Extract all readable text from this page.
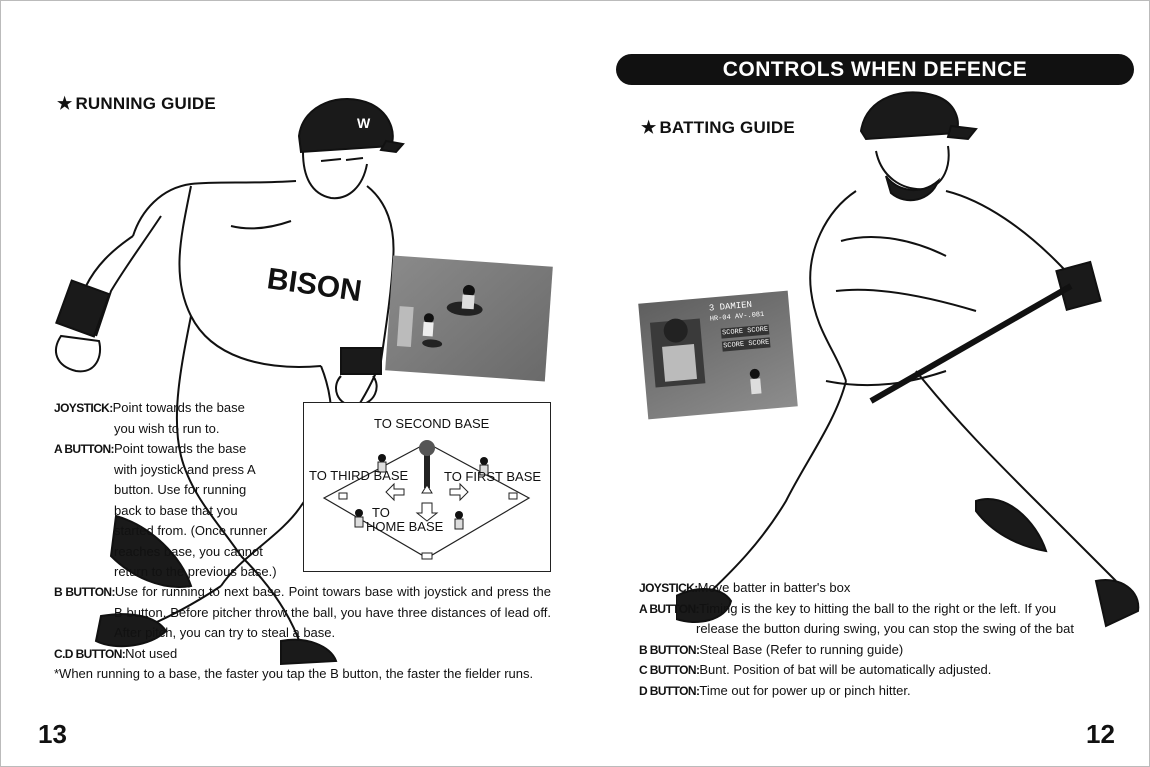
★ RUNNING GUIDE
BISON
W
TO SECOND BASE
TO THIRD BASE	TO FIRST BASE
TO
HOME BASE
JOYSTICK:Point towards the base
you wish to run to.
A BUTTON:Point towards the base
with joystick and press A
button. Use for running
back to base that you
started from. (Once runner
reaches base, you cannot
return to the previous base.)
B BUTTON:Use for running to next base. Point towars base with joystick and press the B button. Before pitcher throw the ball, you have three distances of lead off. After pitch, you can try to steal a base.
C.D BUTTON:Not used
*When running to a base, the faster you tap the B button, the faster the fielder runs.
13
CONTROLS WHEN DEFENCE
★ BATTING GUIDE
3 DAMIEN
HR-04 AV-.081
SCORE SCORE
SCORE SCORE
JOYSTICK:Move batter in batter's box
A BUTTON:Timing is the key to hitting the ball to the right or the left. If you
release the button during swing, you can stop the swing of the bat
B BUTTON:Steal Base (Refer to running guide)
C BUTTON:Bunt. Position of bat will be automatically adjusted.
D BUTTON:Time out for power up or pinch hitter.
12
